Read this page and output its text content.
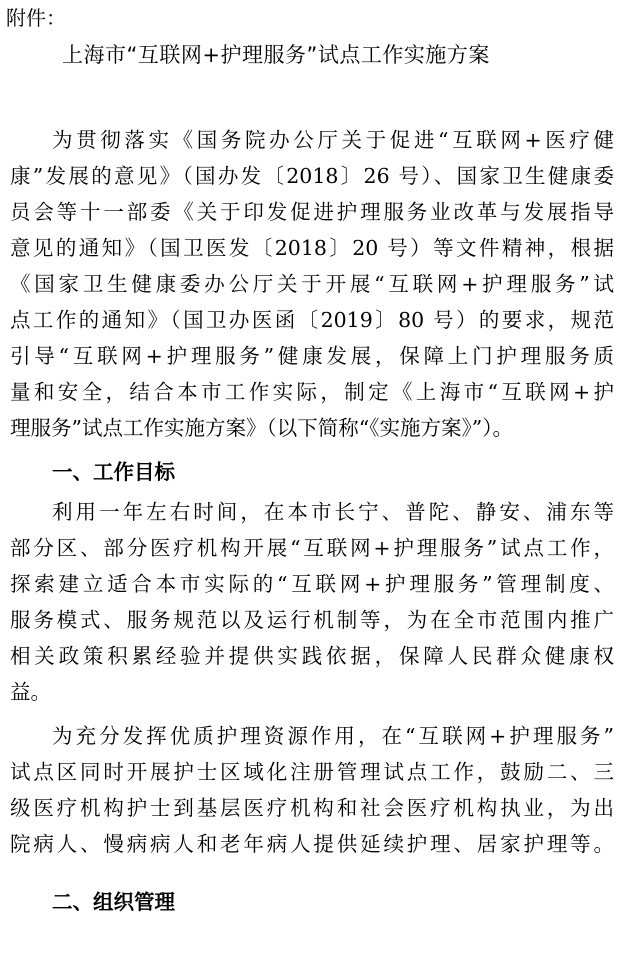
附件：
上海市“互联网+护理服务”试点工作实施方案
为贯彻落实《国务院办公厅关于促进“互联网+医疗健
康”发展的意见》（国办发〔2018〕26 号）、国家卫生健康委
员会等十一部委《关于印发促进护理服务业改革与发展指导
意见的通知》（国卫医发〔2018〕20 号）等文件精神，根据
《国家卫生健康委办公厅关于开展“互联网+护理服务”试
点工作的通知》（国卫办医函〔2019〕80 号）的要求，规范
引导“互联网+护理服务”健康发展，保障上门护理服务质
量和安全，结合本市工作实际，制定《上海市“互联网+护
理服务”试点工作实施方案》（以下简称“《实施方案》”）。
一、工作目标
利用一年左右时间，在本市长宁、普陀、静安、浦东等
部分区、部分医疗机构开展“互联网+护理服务”试点工作，
探索建立适合本市实际的“互联网+护理服务”管理制度、
服务模式、服务规范以及运行机制等，为在全市范围内推广
相关政策积累经验并提供实践依据，保障人民群众健康权
益。
为充分发挥优质护理资源作用，在“互联网+护理服务”
试点区同时开展护士区域化注册管理试点工作，鼓励二、三
级医疗机构护士到基层医疗机构和社会医疗机构执业，为出
院病人、慢病病人和老年病人提供延续护理、居家护理等。
二、组织管理
